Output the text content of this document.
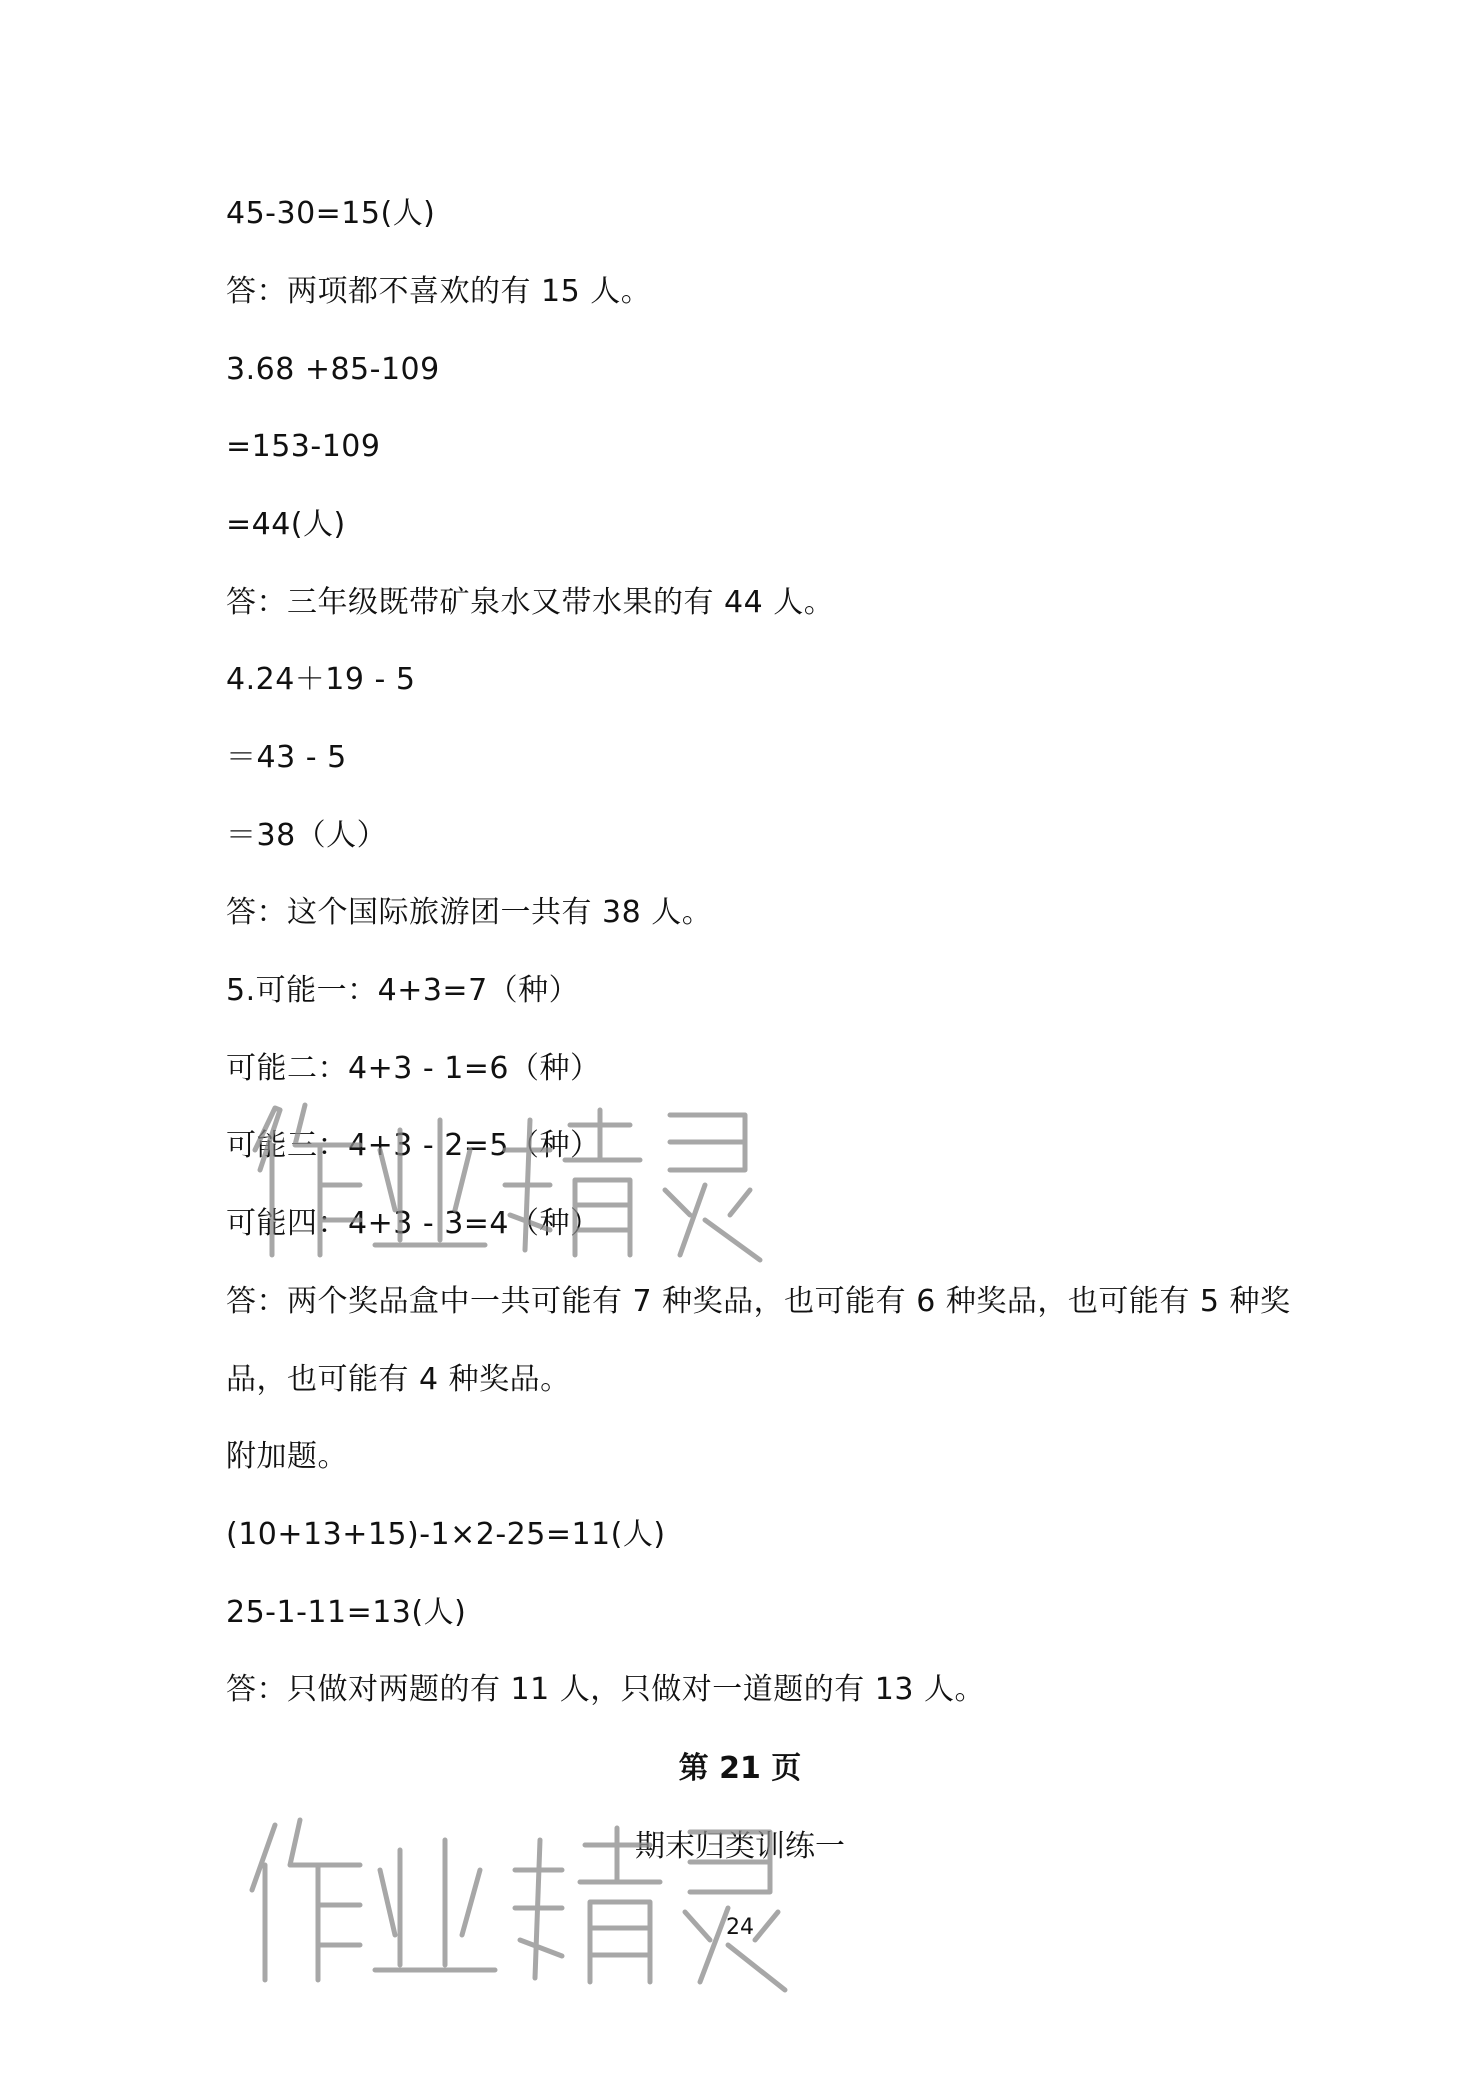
45-30=15(人)
答：两项都不喜欢的有 15 人。
3.68 +85-109
=153-109
=44(人)
答：三年级既带矿泉水又带水果的有 44 人。
4.24＋19 - 5
＝43 - 5
＝38（人）
答：这个国际旅游团一共有 38 人。
5.可能一：4+3=7（种）
可能二：4+3 - 1=6（种）
可能三：4+3 - 2=5（种）
可能四：4+3 - 3=4（种）
答：两个奖品盒中一共可能有 7 种奖品，也可能有 6 种奖品，也可能有 5 种奖
品，也可能有 4 种奖品。
附加题。
(10+13+15)-1×2-25=11(人)
25-1-11=13(人)
答：只做对两题的有 11 人，只做对一道题的有 13 人。
第 21 页
期末归类训练一
24
